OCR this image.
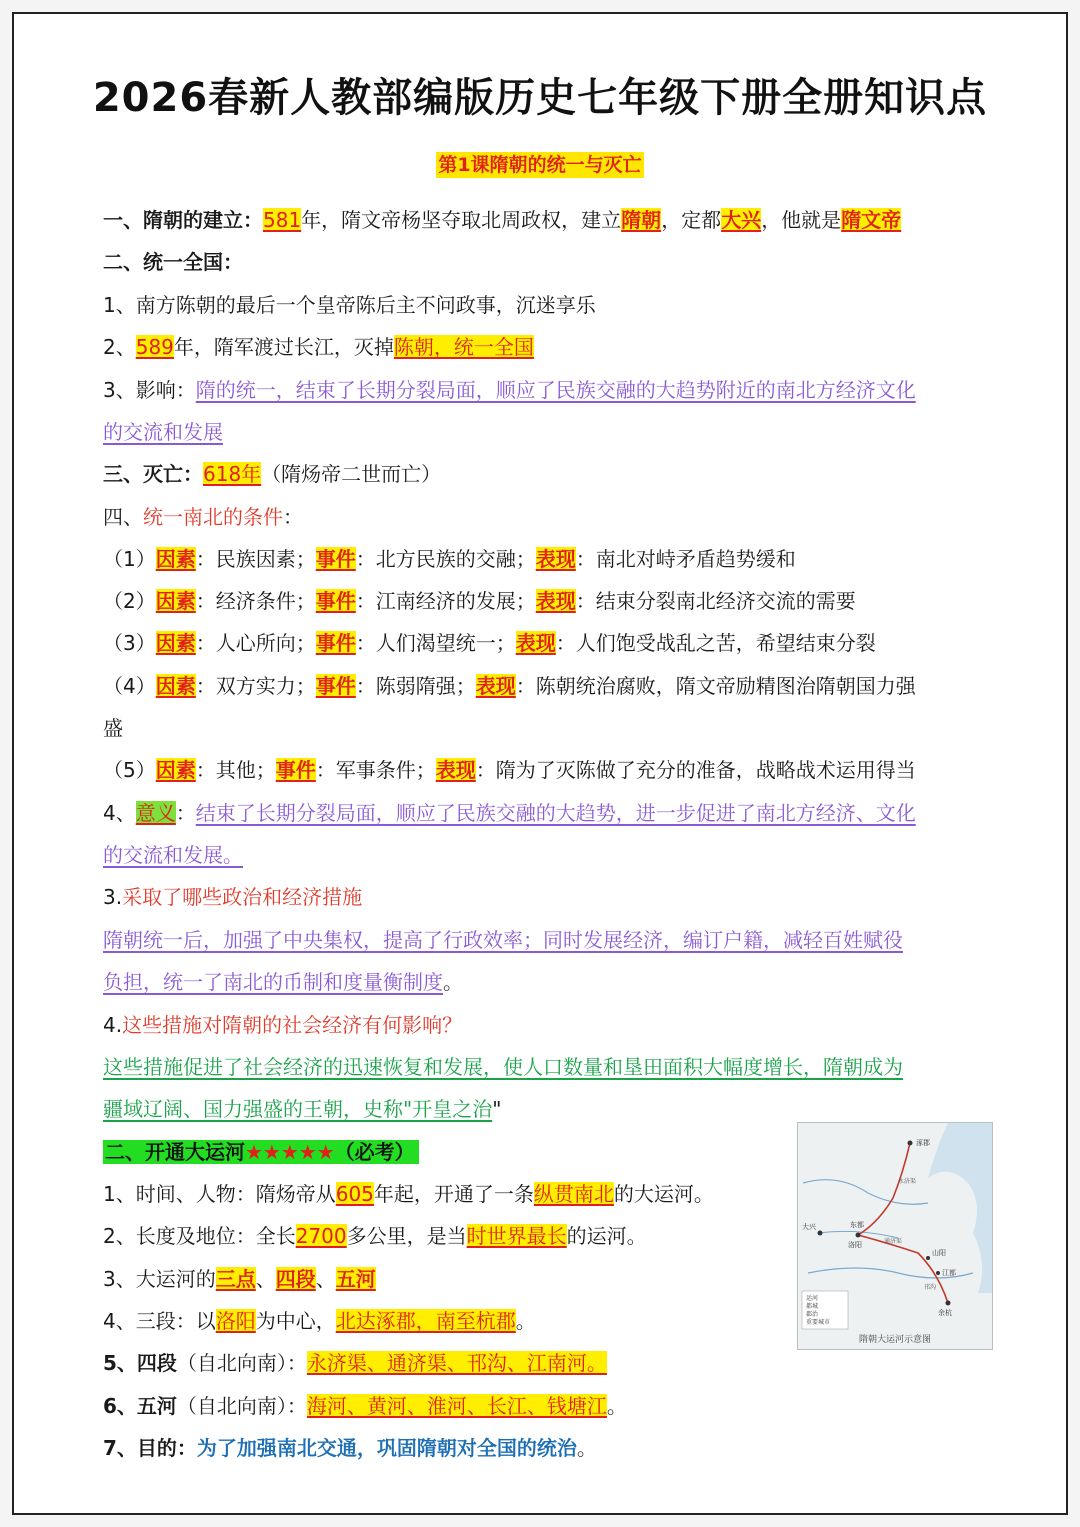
2026春新人教部编版历史七年级下册全册知识点
第1课隋朝的统一与灭亡
一、隋朝的建立：581年，隋文帝杨坚夺取北周政权，建立隋朝，定都大兴，他就是隋文帝
二、统一全国：
1、南方陈朝的最后一个皇帝陈后主不问政事，沉迷享乐
2、589年，隋军渡过长江，灭掉陈朝，统一全国
3、影响：隋的统一，结束了长期分裂局面，顺应了民族交融的大趋势附近的南北方经济文化
的交流和发展
三、灭亡：618年（隋炀帝二世而亡）
四、统一南北的条件：
（1）因素：民族因素；事件：北方民族的交融；表现：南北对峙矛盾趋势缓和
（2）因素：经济条件；事件：江南经济的发展；表现：结束分裂南北经济交流的需要
（3）因素：人心所向；事件：人们渴望统一；表现：人们饱受战乱之苦，希望结束分裂
（4）因素：双方实力；事件：陈弱隋强；表现：陈朝统治腐败，隋文帝励精图治隋朝国力强
盛
（5）因素：其他；事件：军事条件；表现：隋为了灭陈做了充分的准备，战略战术运用得当
4、意义：结束了长期分裂局面，顺应了民族交融的大趋势，进一步促进了南北方经济、文化
的交流和发展。
3.采取了哪些政治和经济措施
隋朝统一后，加强了中央集权，提高了行政效率；同时发展经济，编订户籍，减轻百姓赋役
负担，统一了南北的币制和度量衡制度。
4.这些措施对隋朝的社会经济有何影响？
这些措施促进了社会经济的迅速恢复和发展，使人口数量和垦田面积大幅度增长，隋朝成为
疆域辽阔、国力强盛的王朝，史称"开皇之治"
二、开通大运河★★★★★（必考）
1、时间、人物：隋炀帝从605年起，开通了一条纵贯南北的大运河。
2、长度及地位：全长2700多公里，是当时世界最长的运河。
3、大运河的三点、四段、五河
4、三段：以洛阳为中心，北达涿郡，南至杭郡。
5、四段（自北向南）：永济渠、通济渠、邗沟、江南河。
6、五河（自北向南）：海河、黄河、淮河、长江、钱塘江。
7、目的：为了加强南北交通，巩固隋朝对全国的统治。
涿郡
大兴
洛阳
东都
余杭
江都
山阳
通济渠
邗沟
永济渠
运河
都城
郡治
重要城市
隋朝大运河示意图
